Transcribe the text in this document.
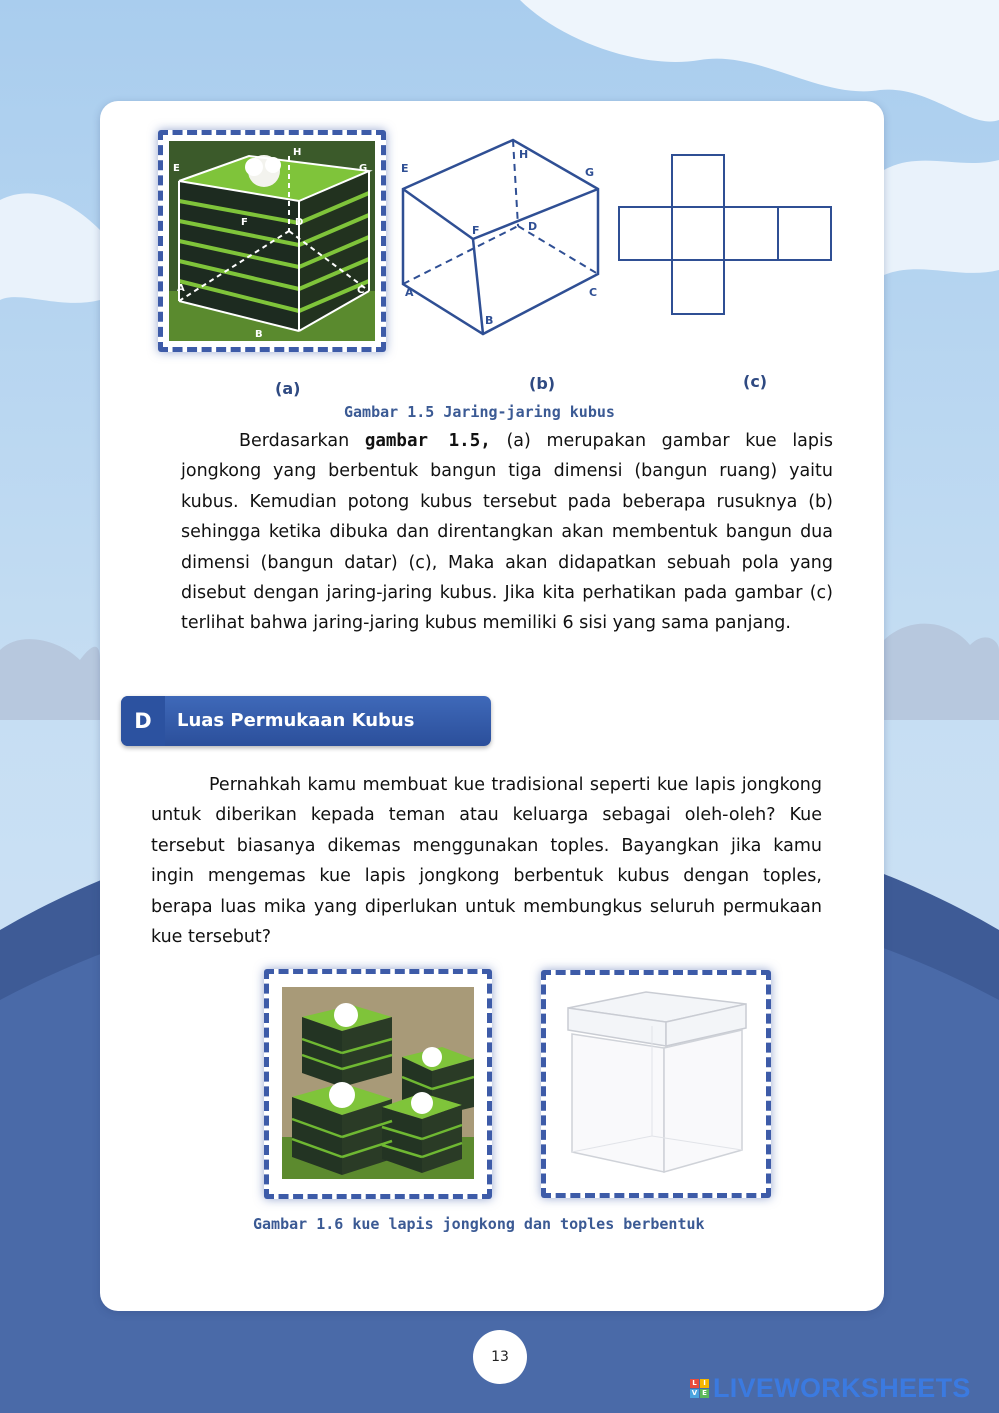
E
H
G
F	D
A
B
C
E
H
G
F	D
A
B
C
(a)	(b)	(c)
Gambar 1.5 Jaring-jaring kubus

Berdasarkan gambar 1.5, (a) merupakan gambar kue lapis jongkong yang berbentuk bangun tiga dimensi (bangun ruang) yaitu kubus. Kemudian potong kubus tersebut pada beberapa rusuknya (b) sehingga ketika dibuka dan direntangkan akan membentuk bangun dua dimensi (bangun datar) (c), Maka akan didapatkan sebuah pola yang disebut dengan jaring-jaring kubus. Jika kita perhatikan pada gambar (c) terlihat bahwa jaring-jaring kubus memiliki 6 sisi yang sama panjang.

D	Luas Permukaan Kubus

Pernahkah kamu membuat kue tradisional seperti kue lapis jongkong untuk diberikan kepada teman atau keluarga sebagai oleh-oleh? Kue tersebut biasanya dikemas menggunakan toples. Bayangkan jika kamu ingin mengemas kue lapis jongkong berbentuk kubus dengan toples, berapa luas mika yang diperlukan untuk membungkus seluruh permukaan kue tersebut?

Gambar 1.6 kue lapis jongkong dan toples berbentuk
13
L I
V E LIVEWORKSHEETS
